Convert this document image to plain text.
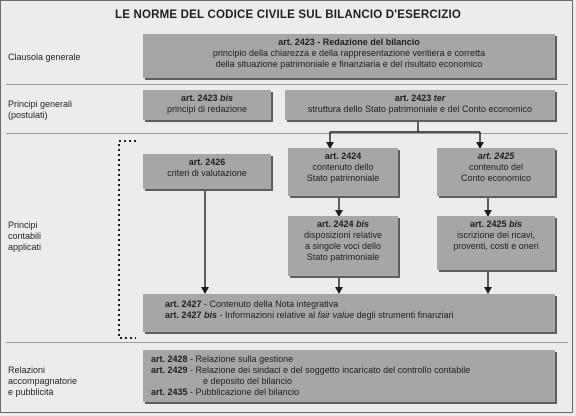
LE NORME DEL CODICE CIVILE SUL BILANCIO D'ESERCIZIO
Clausola generale
Principi generali
(postulati)
Principi
contabili
applicati
Relazioni
accompagnatorie
e pubblicità
art. 2423 - Redazione del bilancio
principio della chiarezza e della rappresentazione veritiera e corretta
della situazione patrimoniale e finanziaria e del risultato economico
art. 2423 bis
principi di redazione
art. 2423 ter
struttura dello Stato patrimoniale e del Conto economico
art. 2426
criteri di valutazione
art. 2424
contenuto dello
Stato patrimoniale
art. 2425
contenuto del
Conto economico
art. 2424 bis
disposizioni relative
a singole voci dello
Stato patrimoniale
art. 2425 bis
iscrizione dei ricavi,
proventi, costi e oneri
art. 2427 - Contenuto della Nota integrativa
art. 2427 bis - Informazioni relative al fair value degli strumenti finanziari
art. 2428 - Relazione sulla gestione
art. 2429 - Relazione dei sindaci e del soggetto incaricato del controllo contabile
e deposito del bilancio
art. 2435 - Pubblicazione del bilancio
